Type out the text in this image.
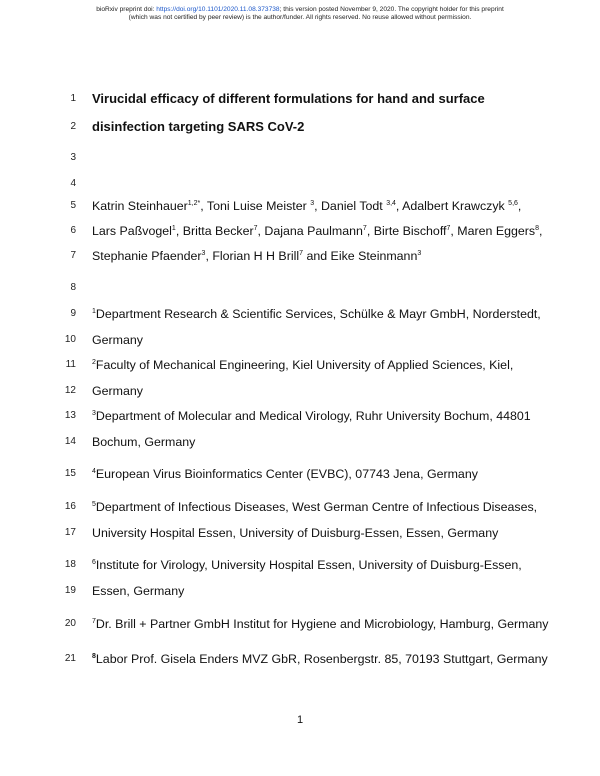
bioRxiv preprint doi: https://doi.org/10.1101/2020.11.08.373738; this version posted November 9, 2020. The copyright holder for this preprint
(which was not certified by peer review) is the author/funder. All rights reserved. No reuse allowed without permission.
1 Virucidal efficacy of different formulations for hand and surface
2 disinfection targeting SARS CoV-2
3
4
5 Katrin Steinhauer$^{1,2*}$, Toni Luise Meister $^3$, Daniel Todt $^{3,4}$, Adalbert Krawczyk $^{5,6}$,
6 Lars Paßvogel$^1$, Britta Becker$^7$, Dajana Paulmann$^7$, Birte Bischoff$^7$, Maren Eggers$^8$,
7 Stephanie Pfaender$^3$, Florian H H Brill$^7$ and Eike Steinmann$^3$
8
9 $^1$Department Research & Scientific Services, Schülke & Mayr GmbH, Norderstedt,
10 Germany
11 $^2$Faculty of Mechanical Engineering, Kiel University of Applied Sciences, Kiel,
12 Germany
13 $^3$Department of Molecular and Medical Virology, Ruhr University Bochum, 44801
14 Bochum, Germany
15 $^4$European Virus Bioinformatics Center (EVBC), 07743 Jena, Germany
16 $^5$Department of Infectious Diseases, West German Centre of Infectious Diseases,
17 University Hospital Essen, University of Duisburg-Essen, Essen, Germany
18 $^6$Institute for Virology, University Hospital Essen, University of Duisburg-Essen,
19 Essen, Germany
20 $^7$Dr. Brill + Partner GmbH Institut for Hygiene and Microbiology, Hamburg, Germany
21 $^8$Labor Prof. Gisela Enders MVZ GbR, Rosenbergstr. 85, 70193 Stuttgart, Germany
1
